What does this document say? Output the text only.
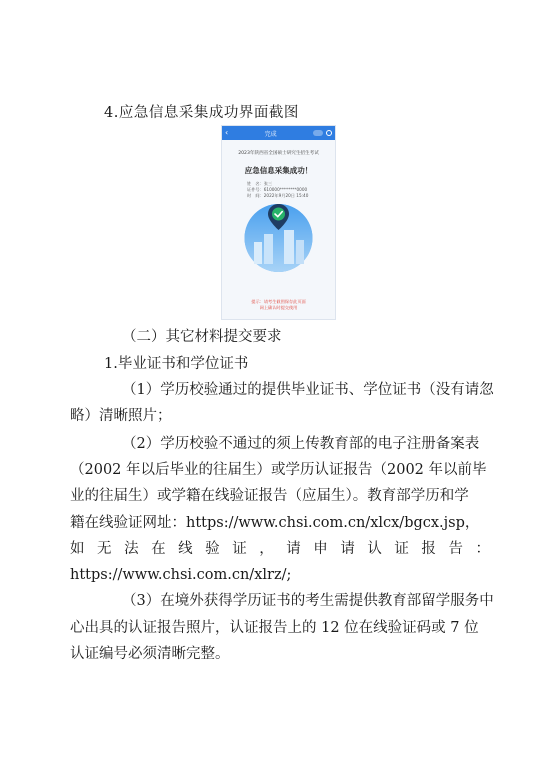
4.应急信息采集成功界面截图
‹	完成
2023年陕西省全国硕士研究生招生考试
应急信息采集成功！
姓　名：张三
证件号：610000********0000
时　间：2022年9月20日 15:40
提示：请考生截图保存此页面
网上确认时提交使用
（二）其它材料提交要求
1.毕业证书和学位证书
（1）学历校验通过的提供毕业证书、学位证书（没有请忽
略）清晰照片；
（2）学历校验不通过的须上传教育部的电子注册备案表
（2002 年以后毕业的往届生）或学历认证报告（2002 年以前毕
业的往届生）或学籍在线验证报告（应届生）。教育部学历和学
籍在线验证网址：https://www.chsi.com.cn/xlcx/bgcx.jsp，
如 无 法 在 线 验 证 ， 请 申 请 认 证 报 告 ：
https://www.chsi.com.cn/xlrz/;
（3）在境外获得学历证书的考生需提供教育部留学服务中
心出具的认证报告照片，认证报告上的 12 位在线验证码或 7 位
认证编号必须清晰完整。
